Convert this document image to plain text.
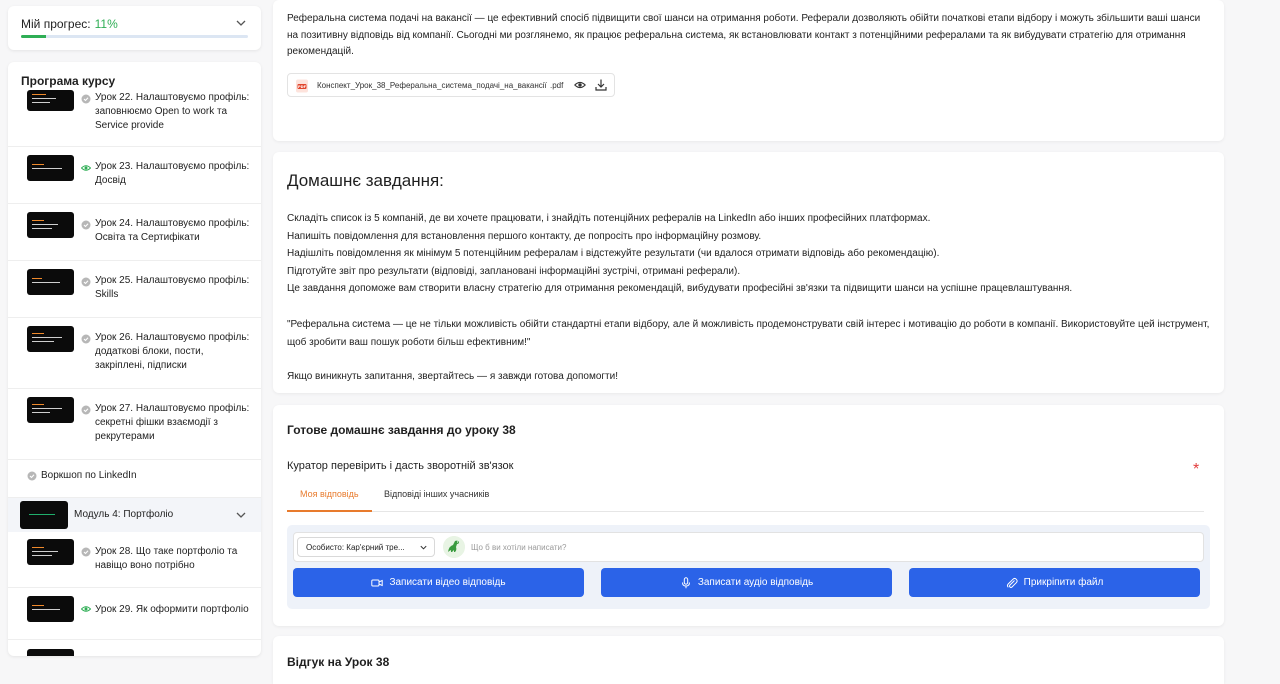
Мій прогрес: 11%
Урок 22. Налаштовуємо профіль: заповнюємо Open to work та Service provide
Урок 23. Налаштовуємо профіль: Досвід
Урок 24. Налаштовуємо профіль: Освіта та Сертифікати
Урок 25. Налаштовуємо профіль: Skills
Урок 26. Налаштовуємо профіль: додаткові блоки, пости, закріплені, підписки
Урок 27. Налаштовуємо профіль: секретні фішки взаємодії з рекрутерами
Воркшоп по LinkedIn
Модуль 4: Портфоліо
Урок 28. Що таке портфоліо та навіщо воно потрібно
Урок 29. Як оформити портфоліо
Програма курсу
Реферальна система подачі на вакансії — це ефективний спосіб підвищити свої шанси на отримання роботи. Реферали дозволяють обійти початкові етапи відбору і можуть збільшити ваші шанси на позитивну відповідь від компанії. Сьогодні ми розглянемо, як працює реферальна система, як встановлювати контакт з потенційними рефералами та як вибудувати стратегію для отримання рекомендацій.
PDF Конспект_Урок_38_Реферальна_система_подачі_на_вакансії .pdf
Домашнє завдання:

Складіть список із 5 компаній, де ви хочете працювати, і знайдіть потенційних рефералів на LinkedIn або інших професійних платформах.

Напишіть повідомлення для встановлення першого контакту, де попросіть про інформаційну розмову.

Надішліть повідомлення як мінімум 5 потенційним рефералам і відстежуйте результати (чи вдалося отримати відповідь або рекомендацію).

Підготуйте звіт про результати (відповіді, заплановані інформаційні зустрічі, отримані реферали).

Це завдання допоможе вам створити власну стратегію для отримання рекомендацій, вибудувати професійні зв'язки та підвищити шанси на успішне працевлаштування.

"Реферальна система — це не тільки можливість обійти стандартні етапи відбору, але й можливість продемонструвати свій інтерес і мотивацію до роботи в компанії. Використовуйте цей інструмент, щоб зробити ваш пошук роботи більш ефективним!"
Якщо виникнуть запитання, звертайтесь — я завжди готова допомогти!
Готове домашнє завдання до уроку 38
Куратор перевірить і дасть зворотній зв'язок	*
Моя відповідь	Відповіді інших учасників
Особисто: Кар'єрний тре...
Що б ви хотіли написати?
Записати відео відповідь	Записати аудіо відповідь	Прикріпити файл
Відгук на Урок 38
